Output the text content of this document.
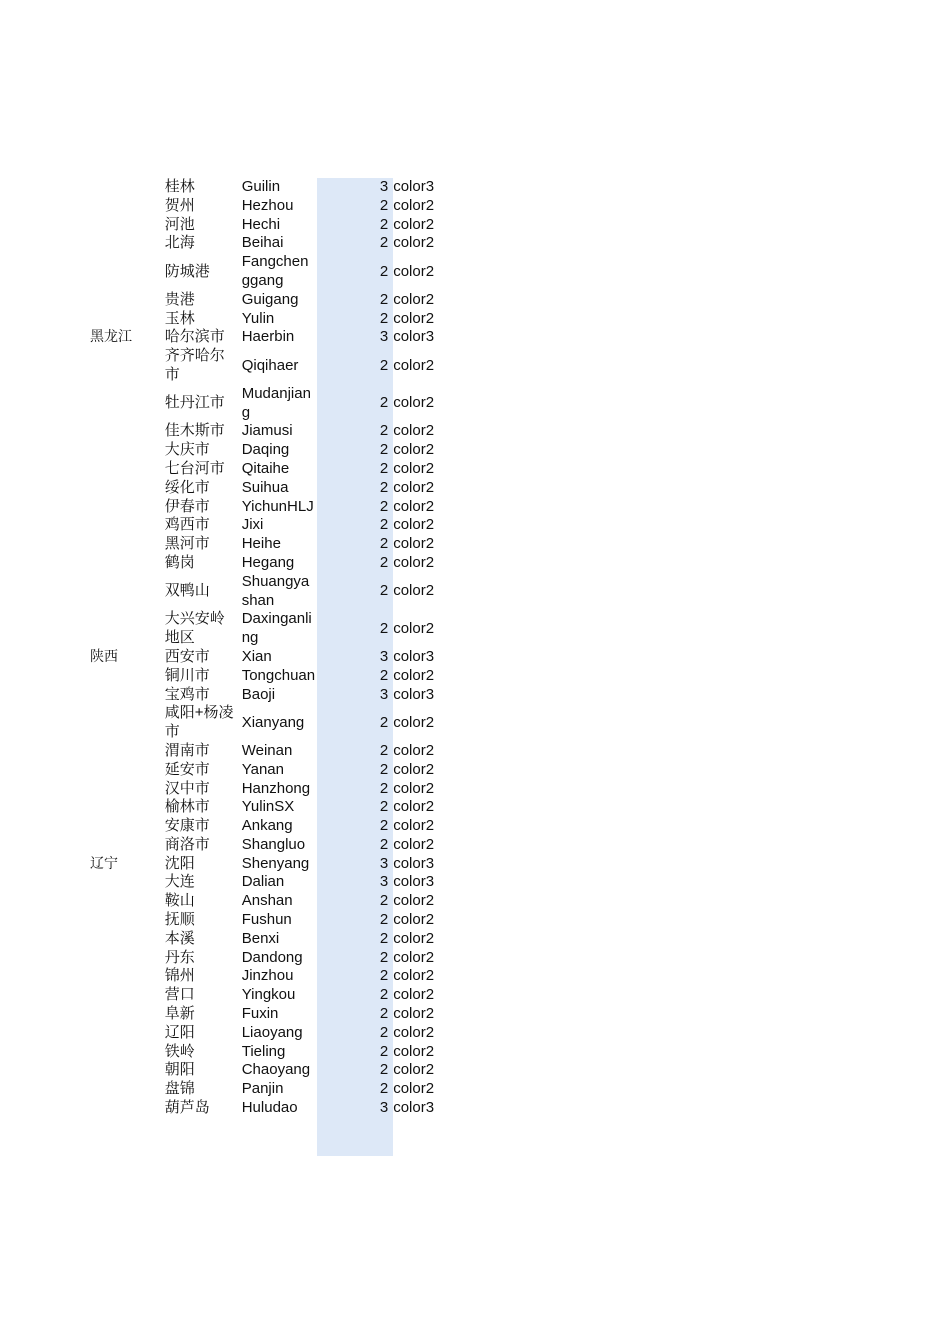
	桂林	Guilin	3	color3
	贺州	Hezhou	2	color2
	河池	Hechi	2	color2
	北海	Beihai	2	color2
	防城港	Fangchenggang	2	color2
	贵港	Guigang	2	color2
	玉林	Yulin	2	color2
黑龙江	哈尔滨市	Haerbin	3	color3
	齐齐哈尔市	Qiqihaer	2	color2
	牡丹江市	Mudanjiang	2	color2
	佳木斯市	Jiamusi	2	color2
	大庆市	Daqing	2	color2
	七台河市	Qitaihe	2	color2
	绥化市	Suihua	2	color2
	伊春市	YichunHLJ	2	color2
	鸡西市	Jixi	2	color2
	黑河市	Heihe	2	color2
	鹤岗	Hegang	2	color2
	双鸭山	Shuangyashan	2	color2
	大兴安岭地区	Daxinganling	2	color2
陕西	西安市	Xian	3	color3
	铜川市	Tongchuan	2	color2
	宝鸡市	Baoji	3	color3
	咸阳+杨凌市	Xianyang	2	color2
	渭南市	Weinan	2	color2
	延安市	Yanan	2	color2
	汉中市	Hanzhong	2	color2
	榆林市	YulinSX	2	color2
	安康市	Ankang	2	color2
	商洛市	Shangluo	2	color2
辽宁	沈阳	Shenyang	3	color3
	大连	Dalian	3	color3
	鞍山	Anshan	2	color2
	抚顺	Fushun	2	color2
	本溪	Benxi	2	color2
	丹东	Dandong	2	color2
	锦州	Jinzhou	2	color2
	营口	Yingkou	2	color2
	阜新	Fuxin	2	color2
	辽阳	Liaoyang	2	color2
	铁岭	Tieling	2	color2
	朝阳	Chaoyang	2	color2
	盘锦	Panjin	2	color2
	葫芦岛	Huludao	3	color3
